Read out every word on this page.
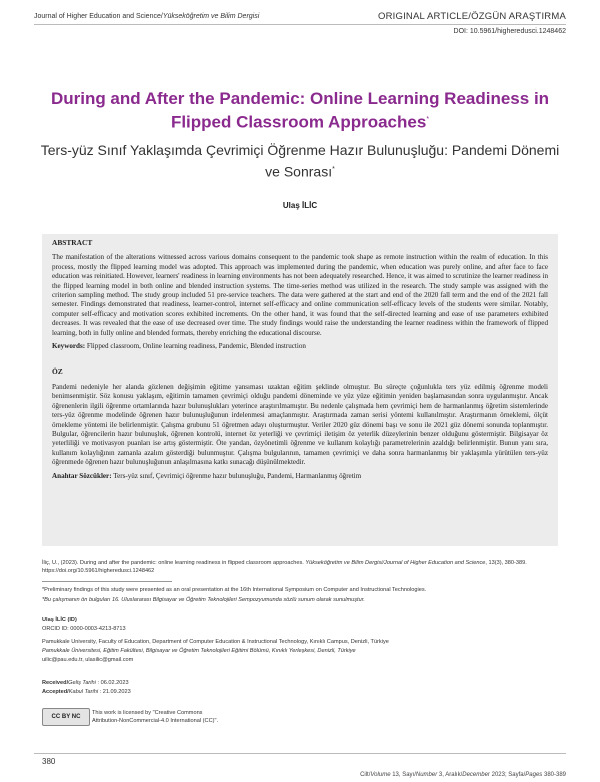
Journal of Higher Education and Science/Yükseköğretim ve Bilim Dergisi	ORIGINAL ARTICLE/ÖZGÜN ARAŞTIRMA
DOI: 10.5961/higheredusci.1248462
During and After the Pandemic: Online Learning Readiness in Flipped Classroom Approaches*
Ters-yüz Sınıf Yaklaşımda Çevrimiçi Öğrenme Hazır Bulunuşluğu: Pandemi Dönemi ve Sonrası*
Ulaş İLİC
ABSTRACT

The manifestation of the alterations witnessed across various domains consequent to the pandemic took shape as remote instruction within the realm of education. In this process, mostly the flipped learning model was adopted. This approach was implemented during the pandemic, when education was purely online, and after face to face education was reinitiated. However, learners' readiness in learning environments has not been adequately researched. Hence, it was aimed to scrutinize the learner readiness in the flipped learning model in both online and blended instruction systems. The time-series method was utilized in the research. The study sample was assigned with the criterion sampling method. The study group included 51 pre-service teachers. The data were gathered at the start and end of the 2020 fall term and the end of the 2021 fall semester. Findings demonstrated that readiness, learner-control, internet self-efficacy and online communication self-efficacy levels of the students were similar. Notably, computer self-efficacy and motivation scores exhibited increments. On the other hand, it was found that the self-directed learning and ease of use parameters exhibited decreases. It was revealed that the ease of use decreased over time. The study findings would raise the understanding the learner readiness within the framework of flipped learning, both in fully online and blended formats, thereby enriching the educational discourse.

Keywords: Flipped classroom, Online learning readiness, Pandemic, Blended instruction

ÖZ

Pandemi nedeniyle her alanda gözlenen değişimin eğitime yansıması uzaktan eğitim şeklinde olmuştur. Bu süreçte çoğunlukla ters yüz edilmiş öğrenme modeli benimsenmiştir. Söz konusu yaklaşım, eğitimin tamamen çevrimiçi olduğu pandemi döneminde ve yüz yüze eğitimin yeniden başlamasından sonra uygulanmıştır. Ancak öğrenenlerin ilgili öğrenme ortamlarında hazır bulunuşlukları yeterince araştırılmamıştır. Bu nedenle çalışmada hem çevrimiçi hem de harmanlanmış öğretim sistemlerinde ters-yüz öğrenme modelinde öğrenen hazır bulunuşluğunun irdelenmesi amaçlanmıştır. Araştırmada zaman serisi yöntemi kullanılmıştır. Araştırmanın örneklemi, ölçüt örnekleme yöntemi ile belirlenmiştir. Çalışma grubunu 51 öğretmen adayı oluşturmuştur. Veriler 2020 güz dönemi başı ve sonu ile 2021 güz dönemi sonunda toplanmıştır. Bulgular, öğrencilerin hazır bulunuşluk, öğrenen kontrolü, internet öz yeterliği ve çevrimiçi iletişim öz yeterlik düzeylerinin benzer olduğunu göstermiştir. Bilgisayar öz yeterliliği ve motivasyon puanları ise artış göstermiştir. Öte yandan, özyönetimli öğrenme ve kullanım kolaylığı parametrelerinin azaldığı belirlenmiştir. Bunun yanı sıra, kullanım kolaylığının zamanla azalım gösterdiği bulunmuştur. Çalışma bulgularının, tamamen çevrimiçi ve daha sonra harmanlanmış bir yaklaşımla yürütülen ters-yüz öğrenmede öğrenen hazır bulunuşluğunun anlaşılmasına katkı sunacağı düşünülmektedir.

Anahtar Sözcükler: Ters-yüz sınıf, Çevrimiçi öğrenme hazır bulunuşluğu, Pandemi, Harmanlanmış öğretim

İliç, U., (2023). During and after the pandemic: online learning readiness in flipped classroom approaches. Yükseköğretim ve Bilim Dergisi/Journal of Higher Education and Science, 13(3), 380-389. https://doi.org/10.5961/higheredusci.1248462
*Preliminary findings of this study were presented as an oral presentation at the 16th International Symposium on Computer and Instructional Technologies.
*Bu çalışmanın ön bulguları 16. Uluslararası Bilgisayar ve Öğretim Teknolojileri Sempozyumunda sözlü sunum olarak sunulmuştur.
Ulaş İLİC (ID)
ORCID ID: 0000-0003-4213-8713
Pamukkale University, Faculty of Education, Department of Computer Education & Instructional Technology, Kınıklı Campus, Denizli, Türkiye
Pamukkale Üniversitesi, Eğitim Fakültesi, Bilgisayar ve Öğretim Teknolojileri Eğitimi Bölümü, Kınıklı Yerleşkesi, Denizli, Türkiye
uilic@pau.edu.tr, ulasilic@gmail.com
Received/Geliş Tarihi : 06.02.2023
Accepted/Kabul Tarihi : 21.09.2023
CC BY NC
This work is licensed by "Creative Commons
Attribution-NonCommercial-4.0 International (CC)".
380
Cilt/Volume 13, Sayı/Number 3, Aralık/December 2023; Sayfa/Pages 380-389
